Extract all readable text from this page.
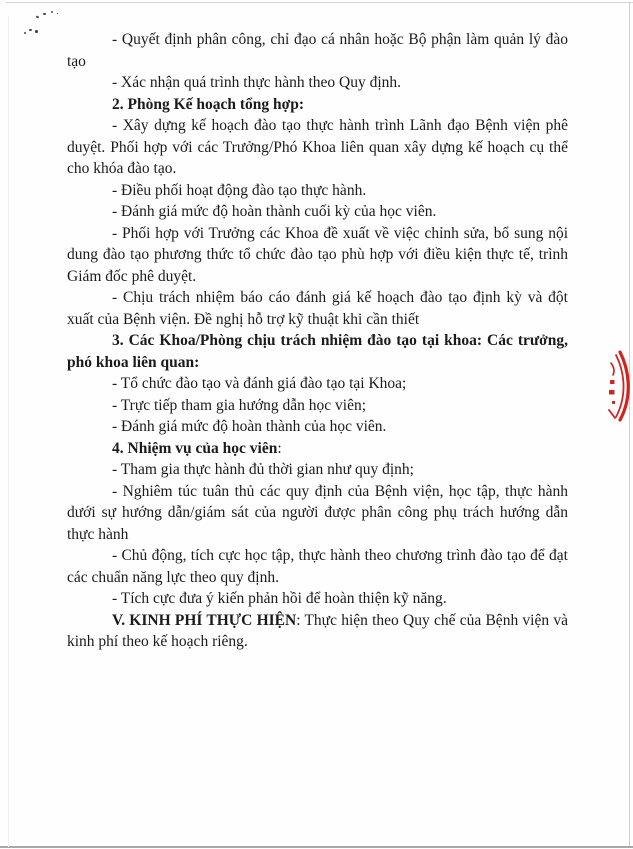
- Quyết định phân công, chỉ đạo cá nhân hoặc Bộ phận làm quản lý đào tạo

- Xác nhận quá trình thực hành theo Quy định.

2. Phòng Kế hoạch tổng hợp:

- Xây dựng kế hoạch đào tạo thực hành trình Lãnh đạo Bệnh viện phê duyệt. Phối hợp với các Trưởng/Phó Khoa liên quan xây dựng kế hoạch cụ thể cho khóa đào tạo.

- Điều phối hoạt động đào tạo thực hành.

- Đánh giá mức độ hoàn thành cuối kỳ của học viên.

- Phối hợp với Trưởng các Khoa đề xuất về việc chỉnh sửa, bổ sung nội dung đào tạo phương thức tổ chức đào tạo phù hợp với điều kiện thực tế, trình Giám đốc phê duyệt.

- Chịu trách nhiệm báo cáo đánh giá kế hoạch đào tạo định kỳ và đột xuất của Bệnh viện. Đề nghị hỗ trợ kỹ thuật khi cần thiết

3. Các Khoa/Phòng chịu trách nhiệm đào tạo tại khoa: Các trưởng, phó khoa liên quan:

- Tổ chức đào tạo và đánh giá đào tạo tại Khoa;

- Trực tiếp tham gia hướng dẫn học viên;

- Đánh giá mức độ hoàn thành của học viên.

4. Nhiệm vụ của học viên:

- Tham gia thực hành đủ thời gian như quy định;

- Nghiêm túc tuân thủ các quy định của Bệnh viện, học tập, thực hành dưới sự hướng dẫn/giám sát của người được phân công phụ trách hướng dẫn thực hành

- Chủ động, tích cực học tập, thực hành theo chương trình đào tạo để đạt các chuẩn năng lực theo quy định.

- Tích cực đưa ý kiến phản hồi để hoàn thiện kỹ năng.

V. KINH PHÍ THỰC HIỆN: Thực hiện theo Quy chế của Bệnh viện và kinh phí theo kế hoạch riêng.
